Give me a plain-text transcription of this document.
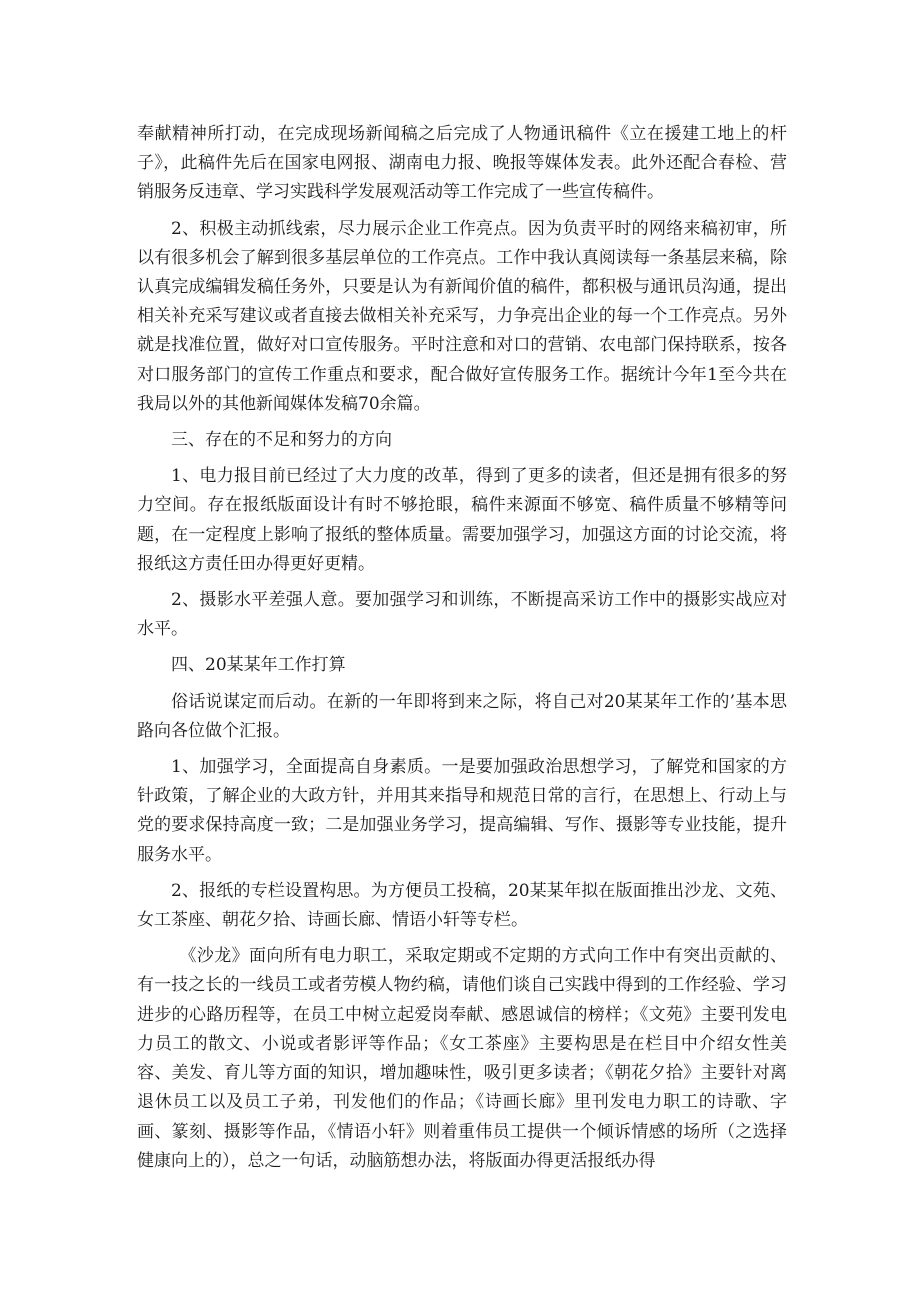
奉献精神所打动，在完成现场新闻稿之后完成了人物通讯稿件《立在援建工地上的杆子》，此稿件先后在国家电网报、湖南电力报、晚报等媒体发表。此外还配合春检、营销服务反违章、学习实践科学发展观活动等工作完成了一些宣传稿件。

2、积极主动抓线索，尽力展示企业工作亮点。因为负责平时的网络来稿初审，所以有很多机会了解到很多基层单位的工作亮点。工作中我认真阅读每一条基层来稿，除认真完成编辑发稿任务外，只要是认为有新闻价值的稿件，都积极与通讯员沟通，提出相关补充采写建议或者直接去做相关补充采写，力争亮出企业的每一个工作亮点。另外就是找准位置，做好对口宣传服务。平时注意和对口的营销、农电部门保持联系，按各对口服务部门的宣传工作重点和要求，配合做好宣传服务工作。据统计今年1至今共在我局以外的其他新闻媒体发稿70余篇。

三、存在的不足和努力的方向

1、电力报目前已经过了大力度的改革，得到了更多的读者，但还是拥有很多的努力空间。存在报纸版面设计有时不够抢眼，稿件来源面不够宽、稿件质量不够精等问题，在一定程度上影响了报纸的整体质量。需要加强学习，加强这方面的讨论交流，将报纸这方责任田办得更好更精。

2、摄影水平差强人意。要加强学习和训练，不断提高采访工作中的摄影实战应对水平。

四、20某某年工作打算

俗话说谋定而后动。在新的一年即将到来之际，将自己对20某某年工作的’基本思路向各位做个汇报。

1、加强学习，全面提高自身素质。一是要加强政治思想学习，了解党和国家的方针政策，了解企业的大政方针，并用其来指导和规范日常的言行，在思想上、行动上与党的要求保持高度一致；二是加强业务学习，提高编辑、写作、摄影等专业技能，提升服务水平。

2、报纸的专栏设置构思。为方便员工投稿，20某某年拟在版面推出沙龙、文苑、女工茶座、朝花夕拾、诗画长廊、情语小轩等专栏。

《沙龙》面向所有电力职工，采取定期或不定期的方式向工作中有突出贡献的、有一技之长的一线员工或者劳模人物约稿，请他们谈自己实践中得到的工作经验、学习进步的心路历程等，在员工中树立起爱岗奉献、感恩诚信的榜样；《文苑》主要刊发电力员工的散文、小说或者影评等作品；《女工茶座》主要构思是在栏目中介绍女性美容、美发、育儿等方面的知识，增加趣味性，吸引更多读者；《朝花夕拾》主要针对离退休员工以及员工子弟，刊发他们的作品；《诗画长廊》里刊发电力职工的诗歌、字画、篆刻、摄影等作品，《情语小轩》则着重伟员工提供一个倾诉情感的场所（之选择健康向上的），总之一句话，动脑筋想办法，将版面办得更活报纸办得
